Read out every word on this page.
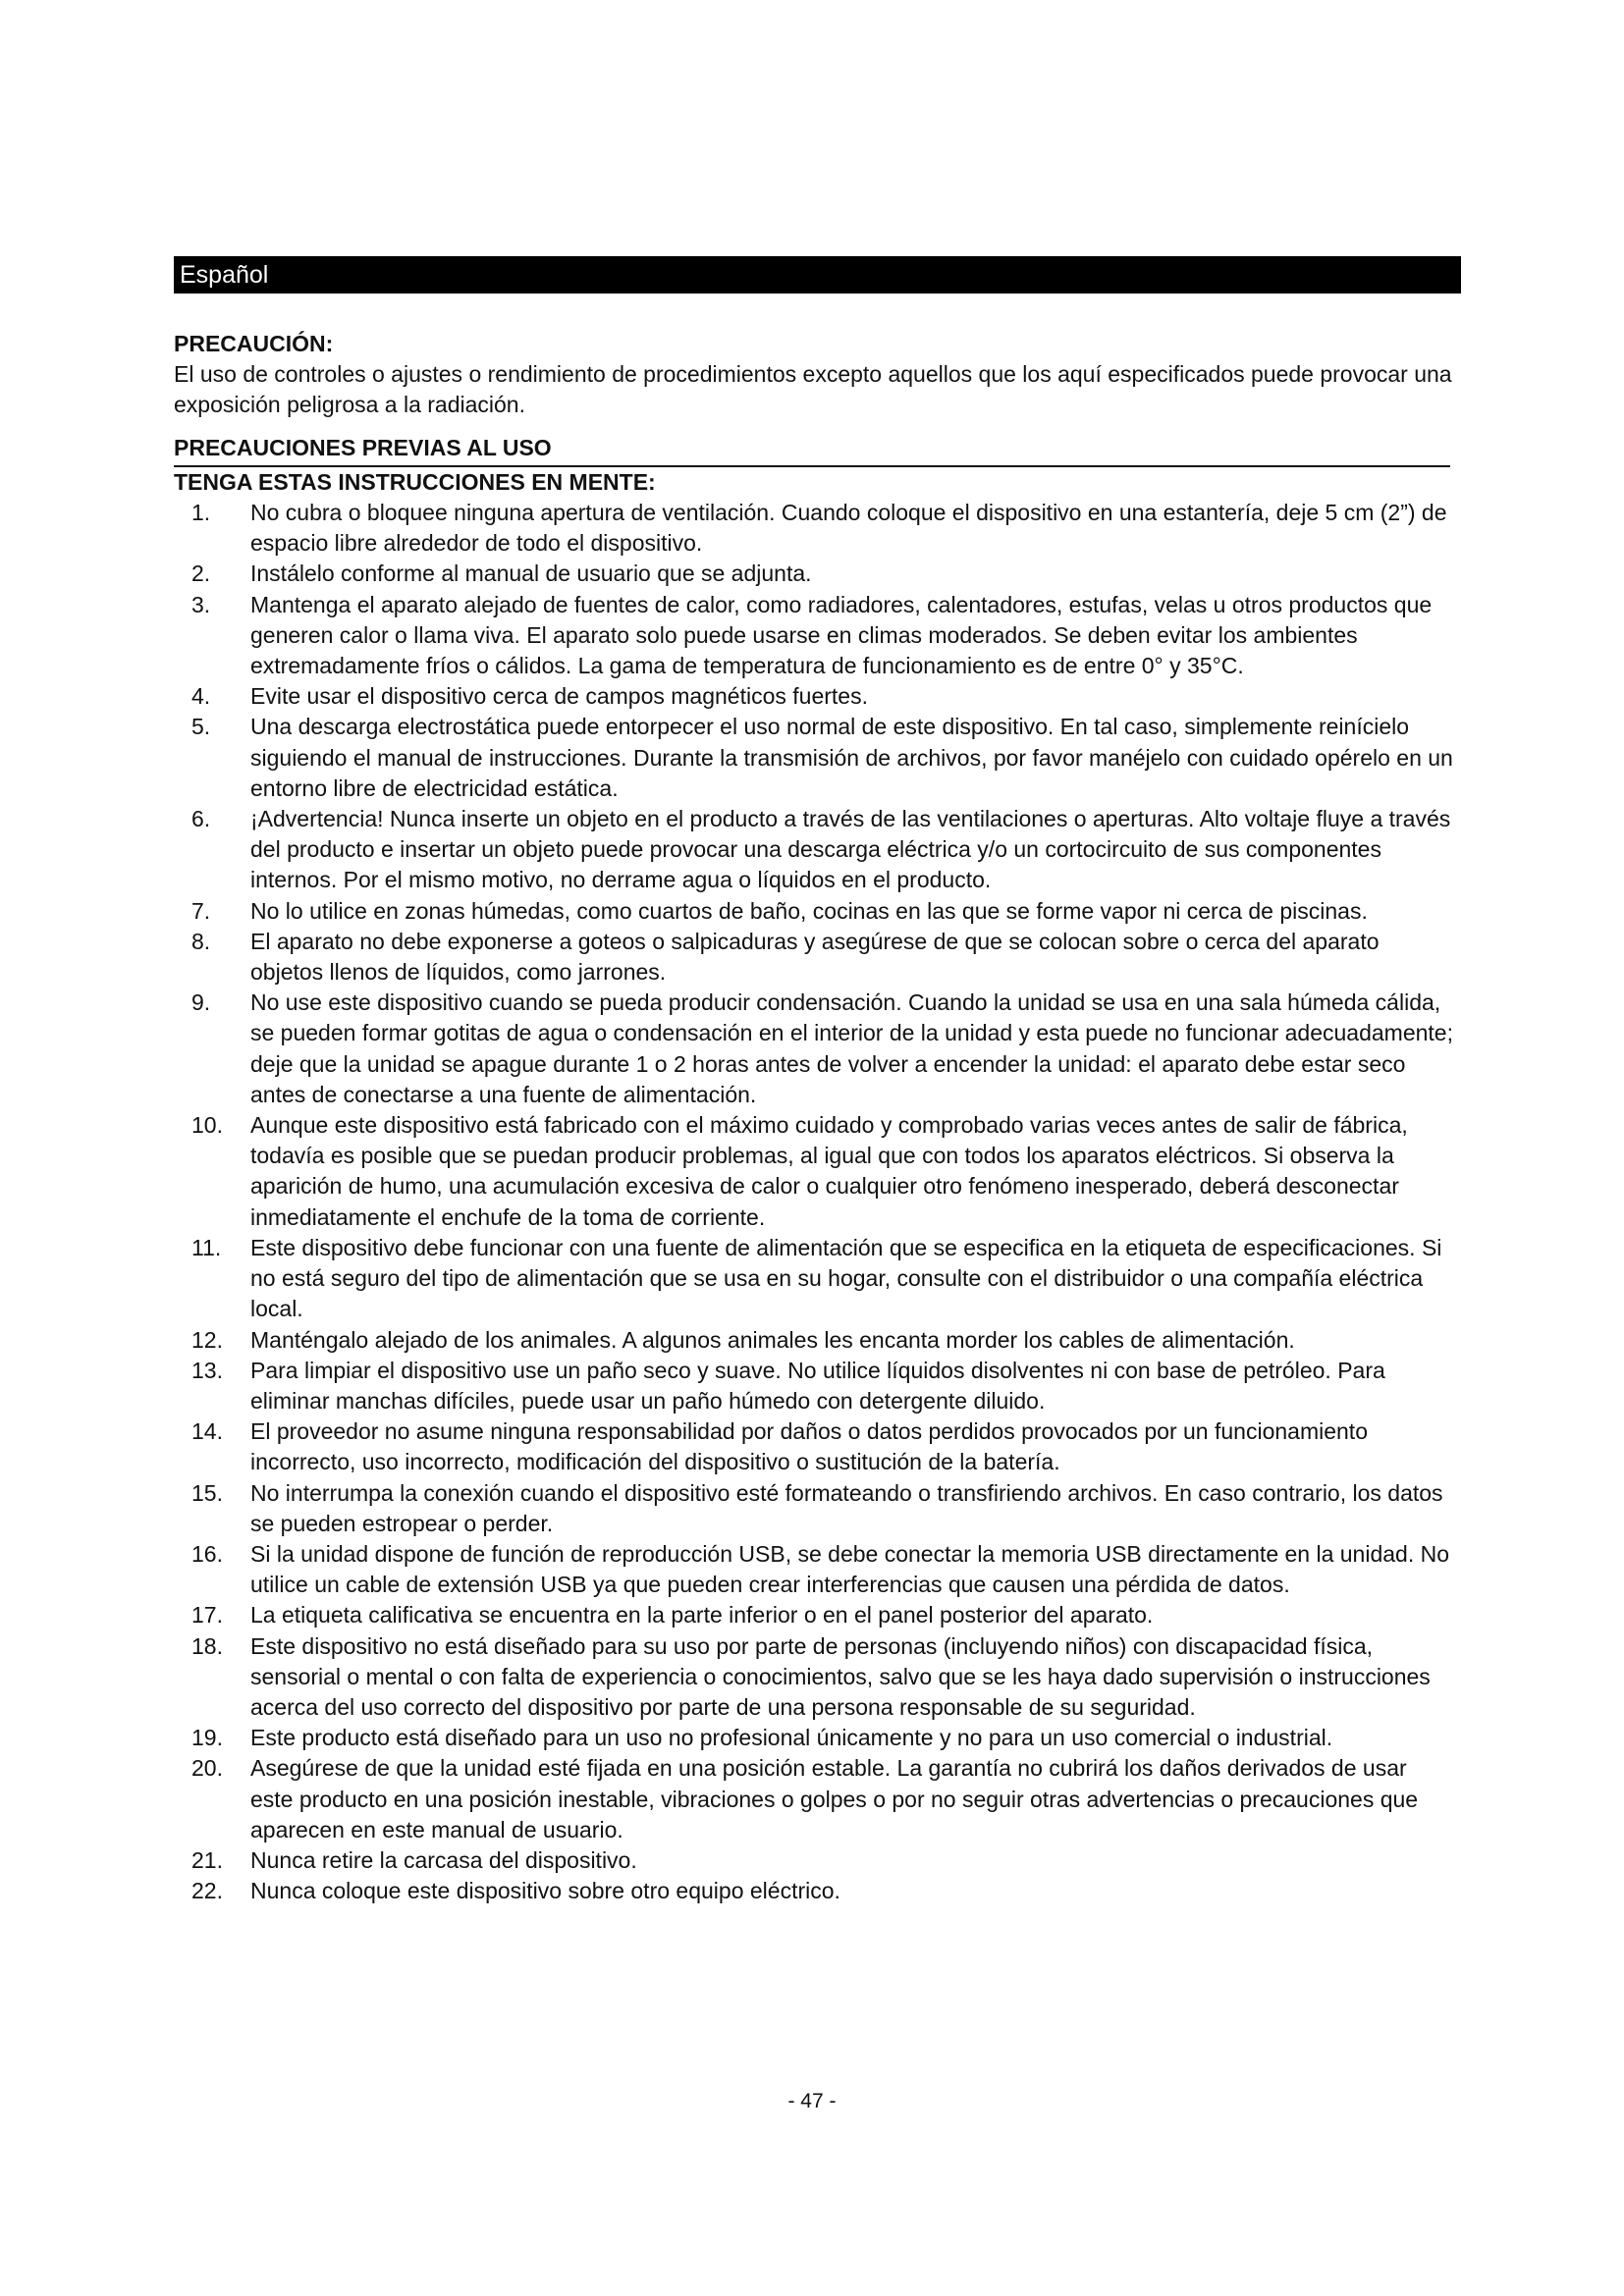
Español

PRECAUCIÓN:

El uso de controles o ajustes o rendimiento de procedimientos excepto aquellos que los aquí especificados puede provocar una exposición peligrosa a la radiación.

PRECAUCIONES PREVIAS AL USO

TENGA ESTAS INSTRUCCIONES EN MENTE:

1. No cubra o bloquee ninguna apertura de ventilación. Cuando coloque el dispositivo en una estantería, deje 5 cm (2”) de espacio libre alrededor de todo el dispositivo.
2. Instálelo conforme al manual de usuario que se adjunta.
3. Mantenga el aparato alejado de fuentes de calor, como radiadores, calentadores, estufas, velas u otros productos que generen calor o llama viva. El aparato solo puede usarse en climas moderados. Se deben evitar los ambientes extremadamente fríos o cálidos. La gama de temperatura de funcionamiento es de entre 0° y 35°C.
4. Evite usar el dispositivo cerca de campos magnéticos fuertes.
5. Una descarga electrostática puede entorpecer el uso normal de este dispositivo. En tal caso, simplemente reinícielo siguiendo el manual de instrucciones. Durante la transmisión de archivos, por favor manéjelo con cuidado opérelo en un entorno libre de electricidad estática.
6. ¡Advertencia! Nunca inserte un objeto en el producto a través de las ventilaciones o aperturas. Alto voltaje fluye a través del producto e insertar un objeto puede provocar una descarga eléctrica y/o un cortocircuito de sus componentes internos. Por el mismo motivo, no derrame agua o líquidos en el producto.
7. No lo utilice en zonas húmedas, como cuartos de baño, cocinas en las que se forme vapor ni cerca de piscinas.
8. El aparato no debe exponerse a goteos o salpicaduras y asegúrese de que se colocan sobre o cerca del aparato objetos llenos de líquidos, como jarrones.
9. No use este dispositivo cuando se pueda producir condensación. Cuando la unidad se usa en una sala húmeda cálida, se pueden formar gotitas de agua o condensación en el interior de la unidad y esta puede no funcionar adecuadamente; deje que la unidad se apague durante 1 o 2 horas antes de volver a encender la unidad: el aparato debe estar seco antes de conectarse a una fuente de alimentación.
10. Aunque este dispositivo está fabricado con el máximo cuidado y comprobado varias veces antes de salir de fábrica, todavía es posible que se puedan producir problemas, al igual que con todos los aparatos eléctricos. Si observa la aparición de humo, una acumulación excesiva de calor o cualquier otro fenómeno inesperado, deberá desconectar inmediatamente el enchufe de la toma de corriente.
11. Este dispositivo debe funcionar con una fuente de alimentación que se especifica en la etiqueta de especificaciones. Si no está seguro del tipo de alimentación que se usa en su hogar, consulte con el distribuidor o una compañía eléctrica local.
12. Manténgalo alejado de los animales. A algunos animales les encanta morder los cables de alimentación.
13. Para limpiar el dispositivo use un paño seco y suave. No utilice líquidos disolventes ni con base de petróleo. Para eliminar manchas difíciles, puede usar un paño húmedo con detergente diluido.
14. El proveedor no asume ninguna responsabilidad por daños o datos perdidos provocados por un funcionamiento incorrecto, uso incorrecto, modificación del dispositivo o sustitución de la batería.
15. No interrumpa la conexión cuando el dispositivo esté formateando o transfiriendo archivos. En caso contrario, los datos se pueden estropear o perder.
16. Si la unidad dispone de función de reproducción USB, se debe conectar la memoria USB directamente en la unidad. No utilice un cable de extensión USB ya que pueden crear interferencias que causen una pérdida de datos.
17. La etiqueta calificativa se encuentra en la parte inferior o en el panel posterior del aparato.
18. Este dispositivo no está diseñado para su uso por parte de personas (incluyendo niños) con discapacidad física, sensorial o mental o con falta de experiencia o conocimientos, salvo que se les haya dado supervisión o instrucciones acerca del uso correcto del dispositivo por parte de una persona responsable de su seguridad.
19. Este producto está diseñado para un uso no profesional únicamente y no para un uso comercial o industrial.
20. Asegúrese de que la unidad esté fijada en una posición estable. La garantía no cubrirá los daños derivados de usar este producto en una posición inestable, vibraciones o golpes o por no seguir otras advertencias o precauciones que aparecen en este manual de usuario.
21. Nunca retire la carcasa del dispositivo.
22. Nunca coloque este dispositivo sobre otro equipo eléctrico.
- 47 -
